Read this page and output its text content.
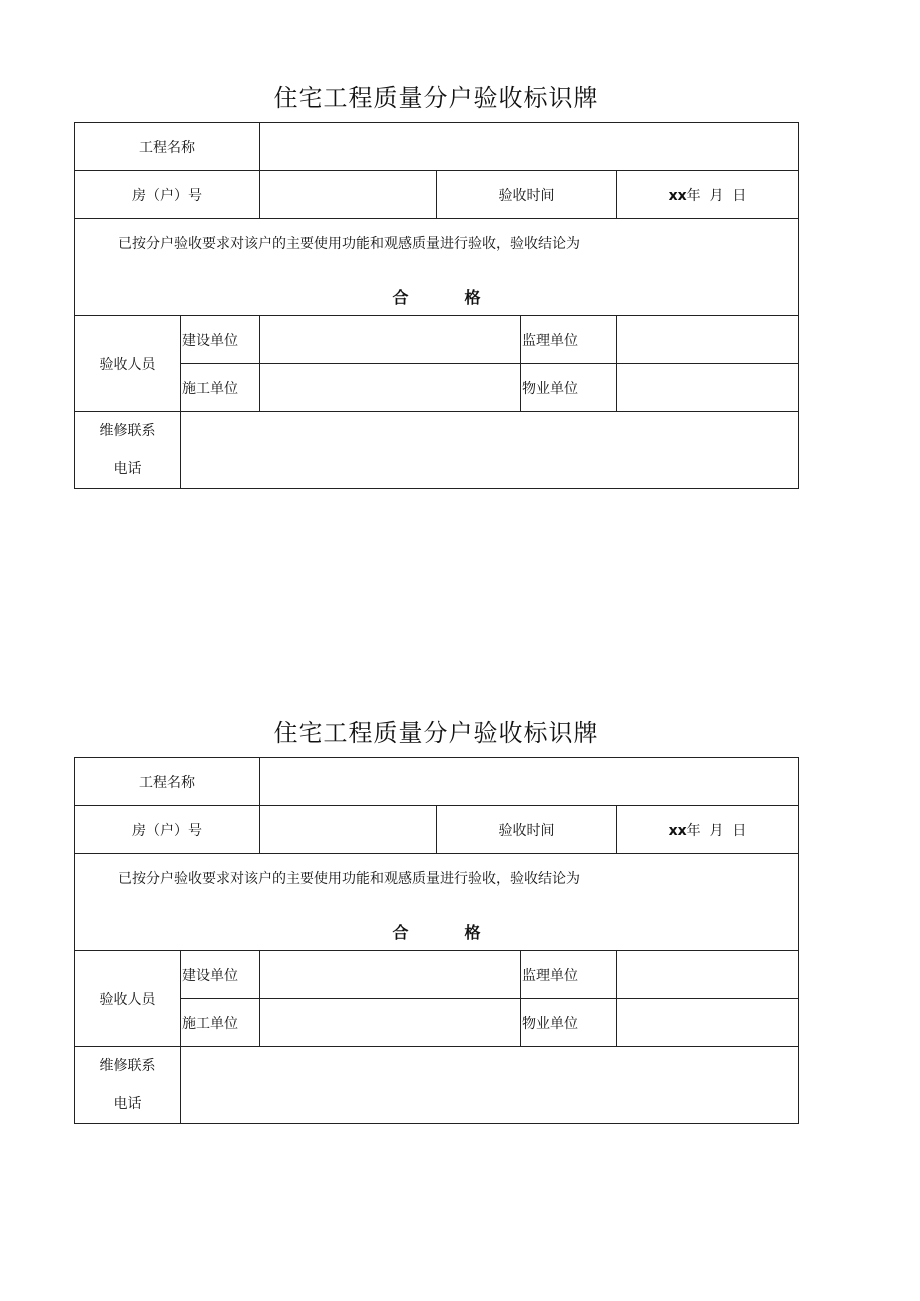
住宅工程质量分户验收标识牌
工程名称					
房（户）号			验收时间		xx年  月  日

已按分户验收要求对该户的主要使用功能和观感质量进行验收，验收结论为
合 格					

验收人员	建设单位			监理单位	
	施工单位			物业单位	

维修联系
电话					

住宅工程质量分户验收标识牌
工程名称					
房（户）号			验收时间		xx年  月  日

已按分户验收要求对该户的主要使用功能和观感质量进行验收，验收结论为
合 格					

验收人员	建设单位			监理单位	
	施工单位			物业单位	

维修联系
电话					
